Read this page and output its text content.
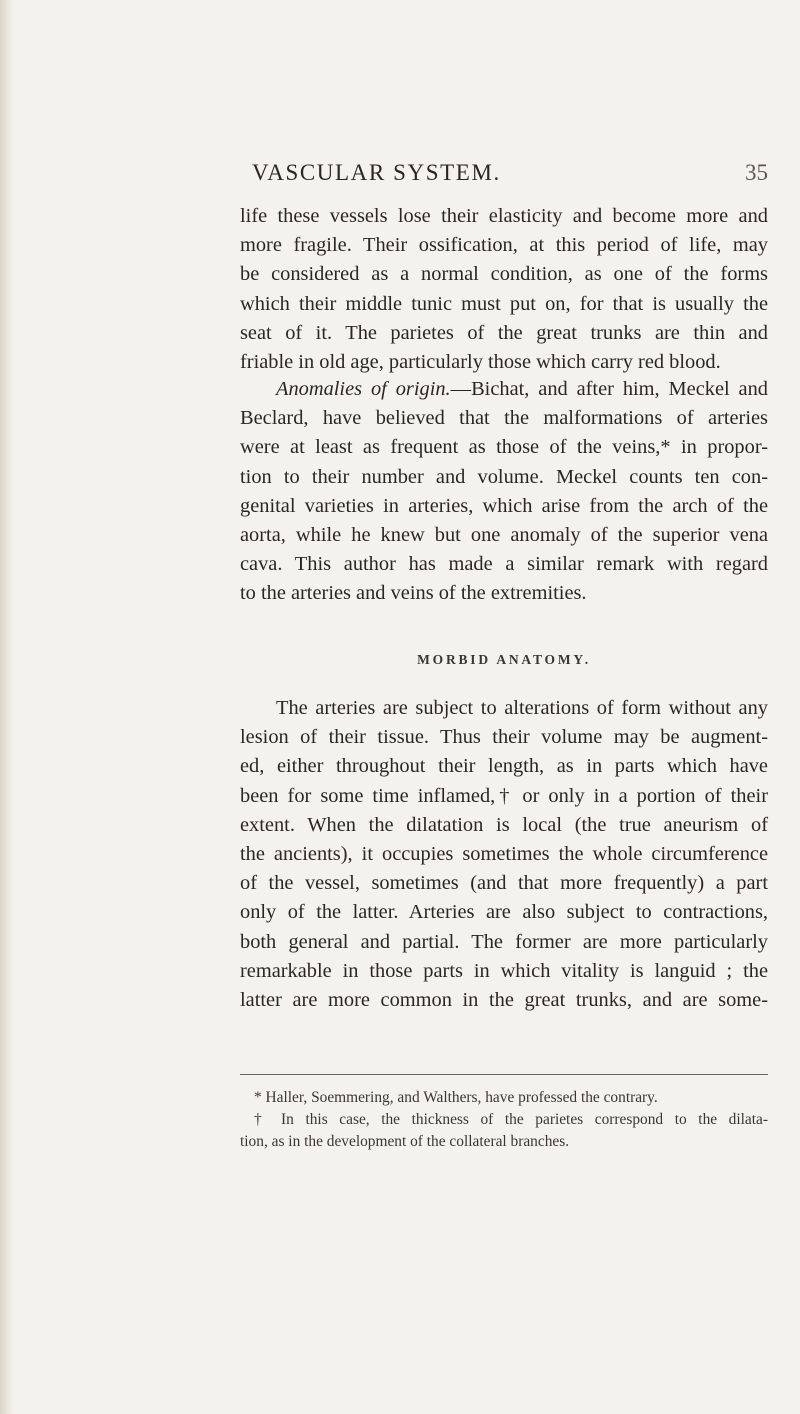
VASCULAR SYSTEM.	35

life these vessels lose their elasticity and become more and
more fragile. Their ossification, at this period of life, may
be considered as a normal condition, as one of the forms
which their middle tunic must put on, for that is usually the
seat of it. The parietes of the great trunks are thin and
friable in old age, particularly those which carry red blood.

Anomalies of origin.—Bichat, and after him, Meckel and
Beclard, have believed that the malformations of arteries
were at least as frequent as those of the veins,* in propor-
tion to their number and volume. Meckel counts ten con-
genital varieties in arteries, which arise from the arch of the
aorta, while he knew but one anomaly of the superior vena
cava. This author has made a similar remark with regard
to the arteries and veins of the extremities.

MORBID ANATOMY.

The arteries are subject to alterations of form without any
lesion of their tissue. Thus their volume may be augment-
ed, either throughout their length, as in parts which have
been for some time inflamed,† or only in a portion of their
extent. When the dilatation is local (the true aneurism of
the ancients), it occupies sometimes the whole circumference
of the vessel, sometimes (and that more frequently) a part
only of the latter. Arteries are also subject to contractions,
both general and partial. The former are more particularly
remarkable in those parts in which vitality is languid ; the
latter are more common in the great trunks, and are some-

* Haller, Soemmering, and Walthers, have professed the contrary.
† In this case, the thickness of the parietes correspond to the dilata-
tion, as in the development of the collateral branches.
